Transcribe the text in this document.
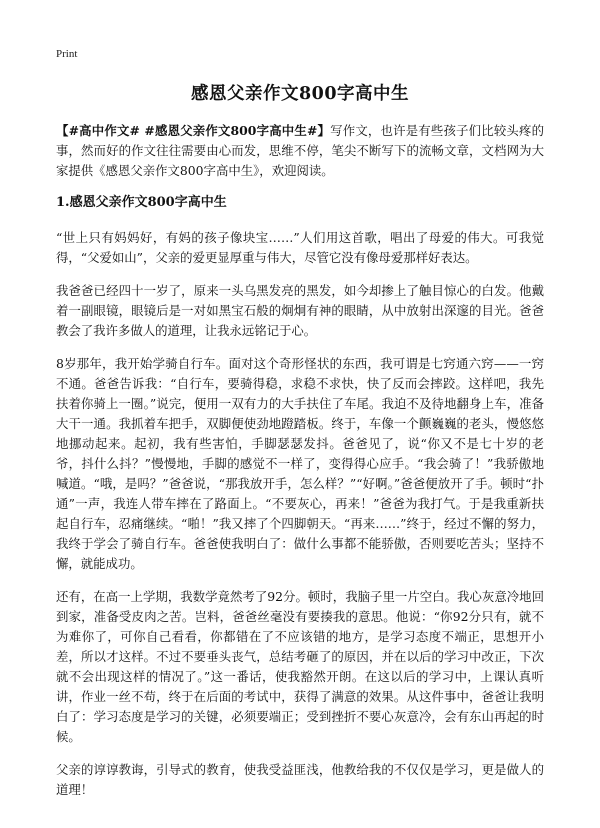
Print
感恩父亲作文800字高中生

【#高中作文# #感恩父亲作文800字高中生#】写作文，也许是有些孩子们比较头疼的事，然而好的作文往往需要由心而发，思维不停，笔尖不断写下的流畅文章，文档网为大家提供《感恩父亲作文800字高中生》，欢迎阅读。

1.感恩父亲作文800字高中生

“世上只有妈妈好，有妈的孩子像块宝……”人们用这首歌，唱出了母爱的伟大。可我觉得，“父爱如山”，父亲的爱更显厚重与伟大，尽管它没有像母爱那样好表达。

我爸爸已经四十一岁了，原来一头乌黑发亮的黑发，如今却掺上了触目惊心的白发。他戴着一副眼镜，眼镜后是一对如黑宝石般的炯炯有神的眼睛，从中放射出深邃的目光。爸爸教会了我许多做人的道理，让我永远铭记于心。

8岁那年，我开始学骑自行车。面对这个奇形怪状的东西，我可谓是七窍通六窍——一窍不通。爸爸告诉我：“自行车，要骑得稳，求稳不求快，快了反而会摔跤。这样吧，我先扶着你骑上一圈。”说完，便用一双有力的大手扶住了车尾。我迫不及待地翻身上车，准备大干一通。我抓着车把手，双脚便使劲地蹬踏板。终于，车像一个颤巍巍的老头，慢悠悠地挪动起来。起初，我有些害怕，手脚瑟瑟发抖。爸爸见了，说“你又不是七十岁的老爷，抖什么抖？”慢慢地，手脚的感觉不一样了，变得得心应手。“我会骑了！”我骄傲地喊道。“哦，是吗？”爸爸说，“那我放开手，怎么样？”“好啊。”爸爸便放开了手。顿时“扑通”一声，我连人带车摔在了路面上。“不要灰心，再来！”爸爸为我打气。于是我重新扶起自行车，忍痛继续。“啪！”我又摔了个四脚朝天。“再来……”终于，经过不懈的努力，我终于学会了骑自行车。爸爸使我明白了：做什么事都不能骄傲，否则要吃苦头；坚持不懈，就能成功。

还有，在高一上学期，我数学竟然考了92分。顿时，我脑子里一片空白。我心灰意冷地回到家，准备受皮肉之苦。岂料，爸爸丝毫没有要揍我的意思。他说：“你92分只有，就不为难你了，可你自己看看，你都错在了不应该错的地方，是学习态度不端正，思想开小差，所以才这样。不过不要垂头丧气，总结考砸了的原因，并在以后的学习中改正，下次就不会出现这样的情况了。”这一番话，使我豁然开朗。在这以后的学习中，上课认真听讲，作业一丝不苟，终于在后面的考试中，获得了满意的效果。从这件事中，爸爸让我明白了：学习态度是学习的关键，必须要端正；受到挫折不要心灰意冷，会有东山再起的时候。

父亲的谆谆教诲，引导式的教育，使我受益匪浅，他教给我的不仅仅是学习，更是做人的道理！
